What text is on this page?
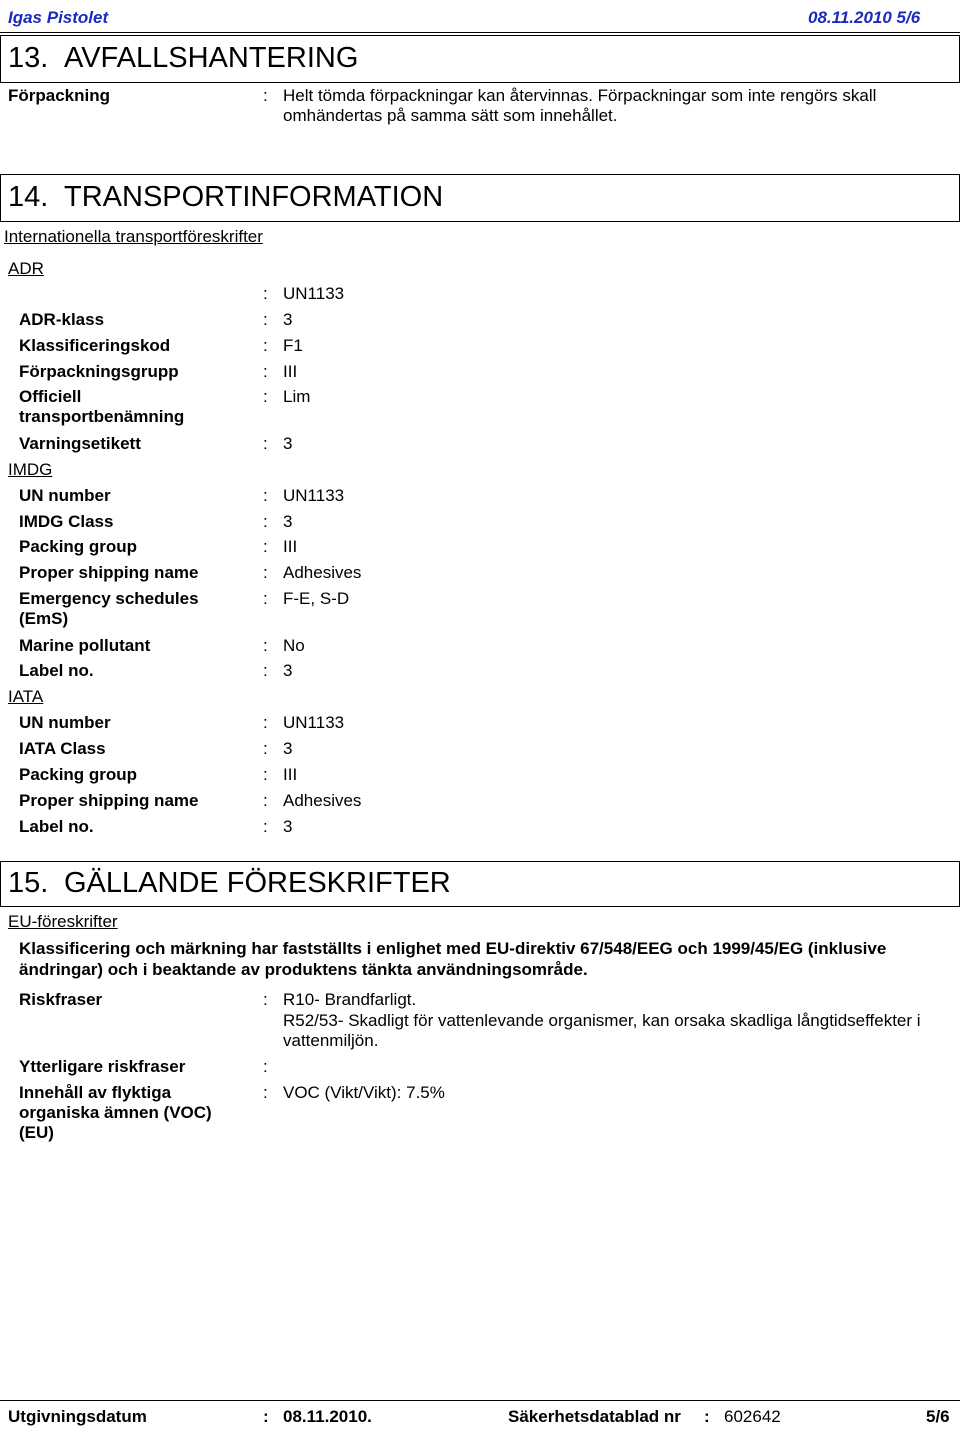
Igas Pistolet	08.11.2010 5/6
13. AVFALLSHANTERING
Förpackning	: Helt tömda förpackningar kan återvinnas. Förpackningar som inte rengörs skall omhändertas på samma sätt som innehållet.
14. TRANSPORTINFORMATION
Internationella transportföreskrifter
ADR
: UN1133
ADR-klass	: 3
Klassificeringskod	: F1
Förpackningsgrupp	: III
Officiell transportbenämning
: Lim
Varningsetikett	: 3
IMDG
UN number	: UN1133
IMDG Class	: 3
Packing group	: III
Proper shipping name	: Adhesives
Emergency schedules (EmS)
: F-E, S-D
Marine pollutant	: No
Label no.	: 3
IATA
UN number	: UN1133
IATA Class	: 3
Packing group	: III
Proper shipping name	: Adhesives
Label no.	: 3
15. GÄLLANDE FÖRESKRIFTER
EU-föreskrifter
Klassificering och märkning har fastställts i enlighet med EU-direktiv 67/548/EEG och 1999/45/EG (inklusive ändringar) och i beaktande av produktens tänkta användningsområde.
Riskfraser	: R10- Brandfarligt.
R52/53- Skadligt för vattenlevande organismer, kan orsaka skadliga långtidseffekter i vattenmiljön.
Ytterligare riskfraser	:
Innehåll av flyktiga organiska ämnen (VOC) (EU)
: VOC (Vikt/Vikt): 7.5%
Utgivningsdatum	: 08.11.2010.	Säkerhetsdatablad nr : 602642	5/6
